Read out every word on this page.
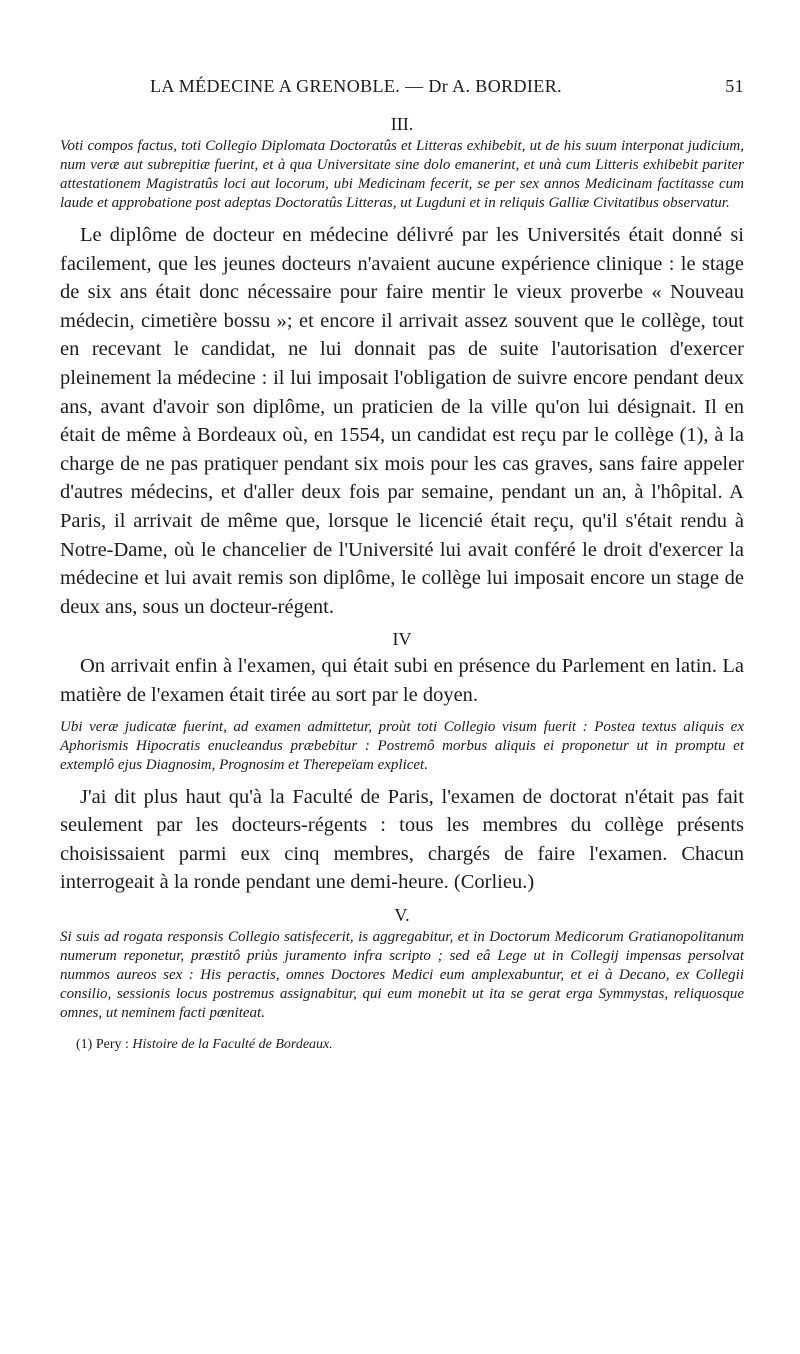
LA MÉDECINE A GRENOBLE. — Dr A. BORDIER.	51
III.

Voti compos factus, toti Collegio Diplomata Doctoratûs et Litteras exhibebit, ut de his suum interponat judicium, num veræ aut subrepitiæ fuerint, et à qua Universitate sine dolo emanerint, et unà cum Litteris exhibebit pariter attestationem Magistratûs loci aut locorum, ubi Medicinam fecerit, se per sex annos Medicinam factitasse cum laude et approbatione post adeptas Doctoratûs Litteras, ut Lugduni et in reliquis Galliæ Civitatibus observatur.

Le diplôme de docteur en médecine délivré par les Universités était donné si facilement, que les jeunes docteurs n'avaient aucune expérience clinique : le stage de six ans était donc nécessaire pour faire mentir le vieux proverbe « Nouveau médecin, cimetière bossu »; et encore il arrivait assez souvent que le collège, tout en recevant le candidat, ne lui donnait pas de suite l'autorisation d'exercer pleinement la médecine : il lui imposait l'obligation de suivre encore pendant deux ans, avant d'avoir son diplôme, un praticien de la ville qu'on lui désignait. Il en était de même à Bordeaux où, en 1554, un candidat est reçu par le collège (1), à la charge de ne pas pratiquer pendant six mois pour les cas graves, sans faire appeler d'autres médecins, et d'aller deux fois par semaine, pendant un an, à l'hôpital. A Paris, il arrivait de même que, lorsque le licencié était reçu, qu'il s'était rendu à Notre-Dame, où le chancelier de l'Université lui avait conféré le droit d'exercer la médecine et lui avait remis son diplôme, le collège lui imposait encore un stage de deux ans, sous un docteur-régent.

IV

On arrivait enfin à l'examen, qui était subi en présence du Parlement en latin. La matière de l'examen était tirée au sort par le doyen.

Ubi veræ judicatæ fuerint, ad examen admittetur, proùt toti Collegio visum fuerit : Postea textus aliquis ex Aphorismis Hipocratis enucleandus præbebitur : Postremô morbus aliquis ei proponetur ut in promptu et extemplô ejus Diagnosim, Prognosim et Therepeïam explicet.

J'ai dit plus haut qu'à la Faculté de Paris, l'examen de doctorat n'était pas fait seulement par les docteurs-régents : tous les membres du collège présents choisissaient parmi eux cinq membres, chargés de faire l'examen. Chacun interrogeait à la ronde pendant une demi-heure. (Corlieu.)

V.

Si suis ad rogata responsis Collegio satisfecerit, is aggregabitur, et in Doctorum Medicorum Gratianopolitanum numerum reponetur, præstitô priùs juramento infra scripto ; sed eâ Lege ut in Collegij impensas persolvat nummos aureos sex : His peractis, omnes Doctores Medici eum amplexabuntur, et ei à Decano, ex Collegii consilio, sessionis locus postremus assignabitur, qui eum monebit ut ita se gerat erga Symmystas, reliquosque omnes, ut neminem facti pœniteat.

(1) Pery : Histoire de la Faculté de Bordeaux.
